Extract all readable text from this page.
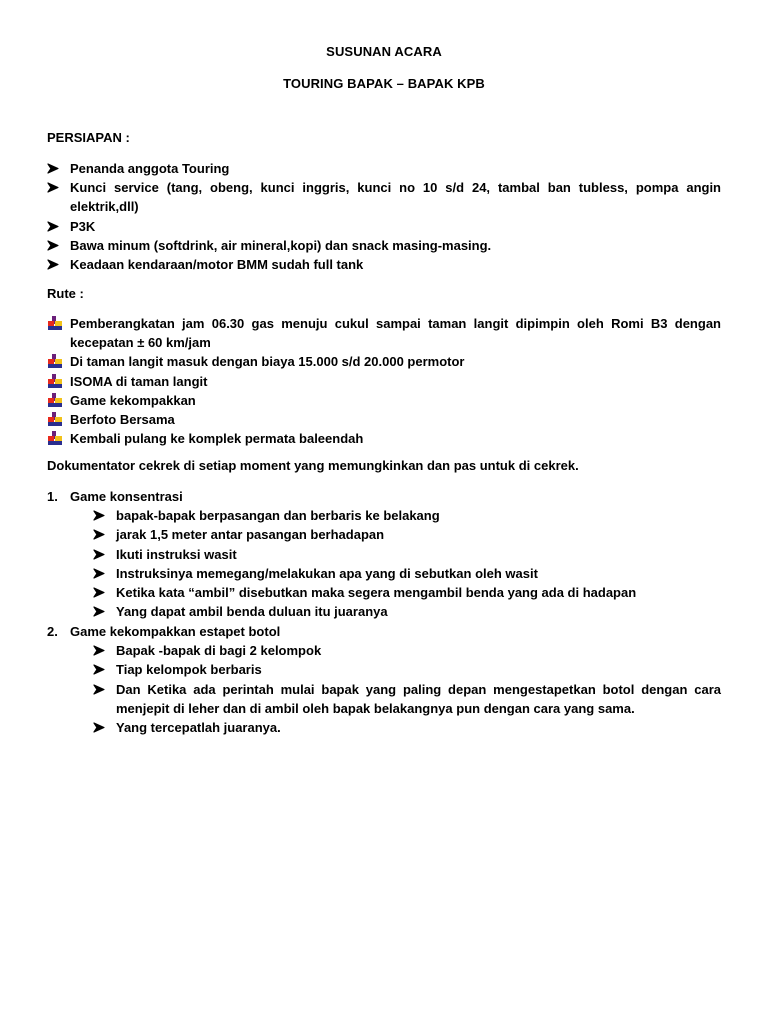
SUSUNAN ACARA
TOURING BAPAK – BAPAK KPB
PERSIAPAN :
Penanda anggota Touring
Kunci service (tang, obeng, kunci inggris, kunci no 10 s/d 24, tambal ban tubless, pompa angin elektrik,dll)
P3K
Bawa minum (softdrink, air mineral,kopi) dan snack masing-masing.
Keadaan kendaraan/motor BMM sudah full tank
Rute :
Pemberangkatan jam 06.30 gas menuju cukul sampai taman langit dipimpin oleh Romi B3 dengan kecepatan ± 60 km/jam
Di taman langit masuk dengan biaya 15.000 s/d 20.000 permotor
ISOMA di taman langit
Game kekompakkan
Berfoto Bersama
Kembali pulang ke komplek permata baleendah
Dokumentator cekrek di setiap moment yang memungkinkan dan pas untuk di cekrek.
1. Game konsentrasi
bapak-bapak berpasangan dan berbaris ke belakang
jarak 1,5 meter antar pasangan berhadapan
Ikuti instruksi wasit
Instruksinya memegang/melakukan apa yang di sebutkan oleh wasit
Ketika kata “ambil” disebutkan maka segera mengambil benda yang ada di hadapan
Yang dapat ambil benda duluan itu juaranya
2. Game kekompakkan estapet botol
Bapak -bapak di bagi 2 kelompok
Tiap kelompok berbaris
Dan Ketika ada perintah mulai bapak yang paling depan mengestapetkan botol dengan cara menjepit di leher dan di ambil oleh bapak belakangnya pun dengan cara yang sama.
Yang tercepatlah juaranya.
